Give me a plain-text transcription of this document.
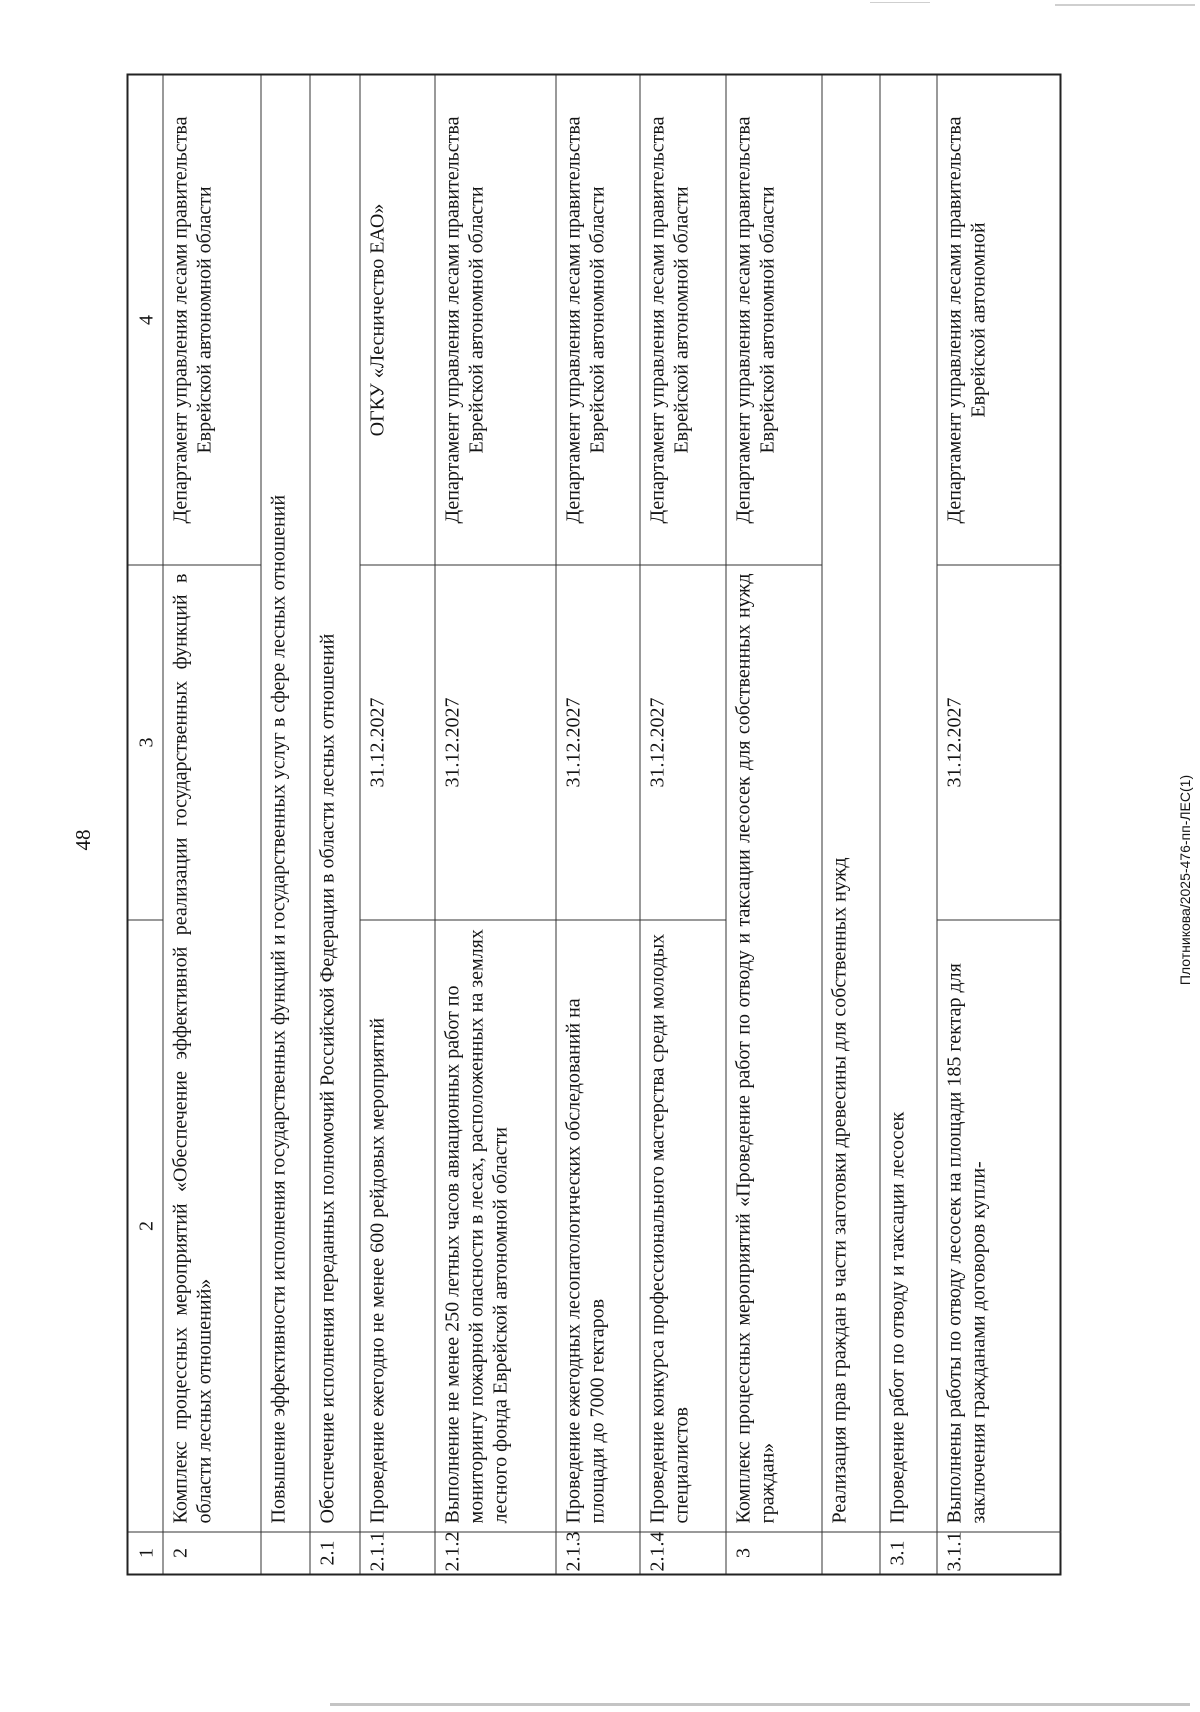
48	Плотникова/2025-476-пп-ЛЕС(1)
1
2
3
4
2
Комплекс процессных мероприятий «Обеспечение эффективной реализации государственных функций в области лесных отношений»
Департамент управления лесами правительства Еврейской автономной области
Повышение эффективности исполнения государственных функций и государственных услуг в сфере лесных отношений
2.1
Обеспечение исполнения переданных полномочий Российской Федерации в области лесных отношений
2.1.1
Проведение ежегодно не менее 600 рейдовых мероприятий
31.12.2027
ОГКУ «Лесничество ЕАО»
2.1.2
Выполнение не менее 250 летных часов авиационных работ по мониторингу пожарной опасности в лесах, расположенных на землях лесного фонда Еврейской автономной области
31.12.2027
Департамент управления лесами правительства Еврейской автономной области
2.1.3
Проведение ежегодных лесопатологических обследований на площади до 7000 гектаров
31.12.2027
Департамент управления лесами правительства Еврейской автономной области
2.1.4
Проведение конкурса профессионального мастерства среди молодых специалистов
31.12.2027
Департамент управления лесами правительства Еврейской автономной области
3
Комплекс процессных мероприятий «Проведение работ по отводу и таксации лесосек для собственных нужд граждан»
Департамент управления лесами правительства Еврейской автономной области
Реализация прав граждан в части заготовки древесины для собственных нужд
3.1
Проведение работ по отводу и таксации лесосек
3.1.1
Выполнены работы по отводу лесосек на площади 185 гектар для заключения гражданами договоров купли-
31.12.2027
Департамент управления лесами правительства Еврейской автономной
